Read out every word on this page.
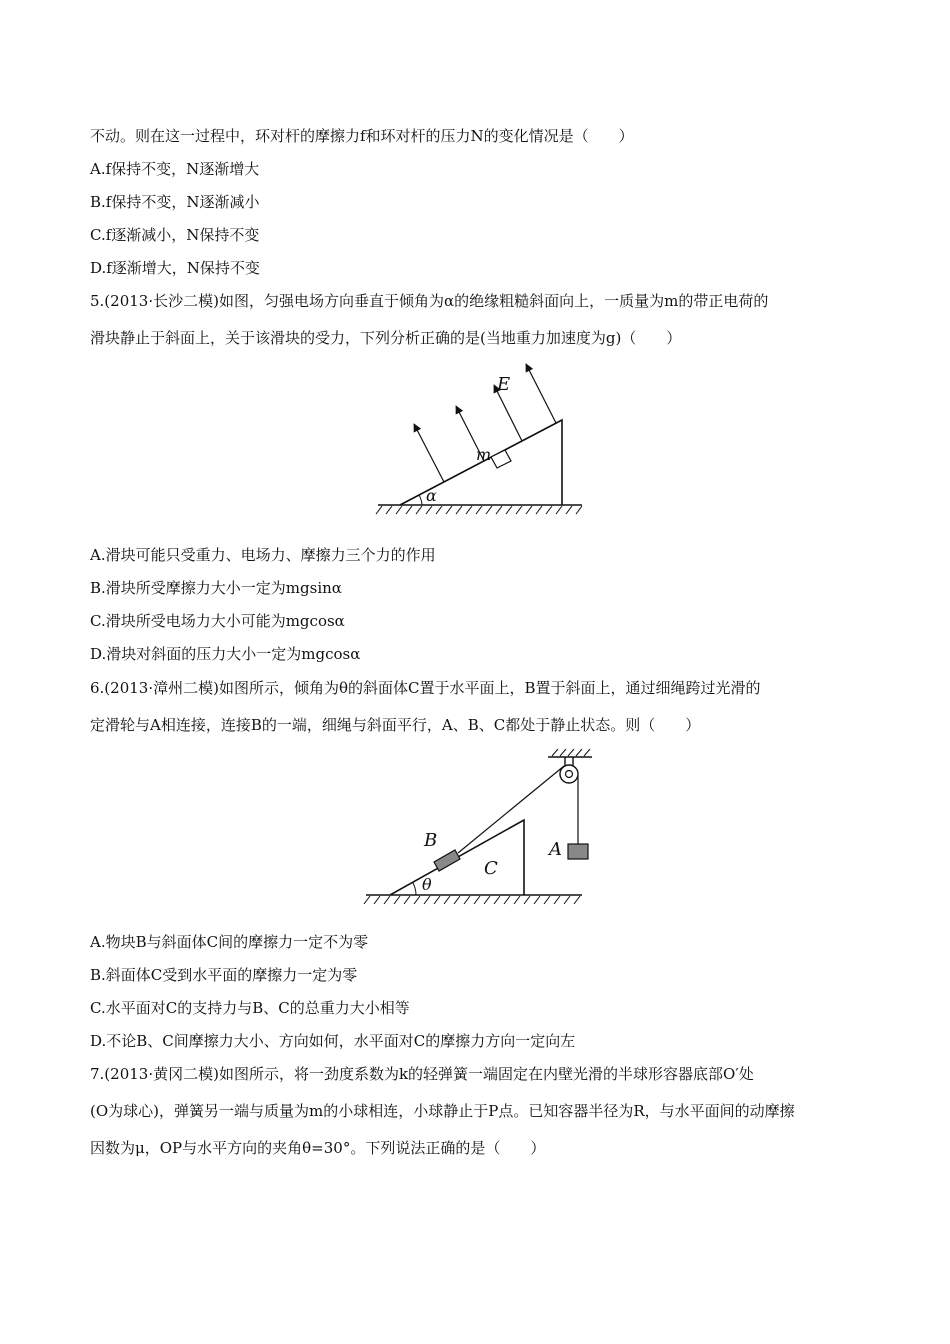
不动。则在这一过程中，环对杆的摩擦力f和环对杆的压力N的变化情况是（　　）
A.f保持不变，N逐渐增大
B.f保持不变，N逐渐减小
C.f逐渐减小，N保持不变
D.f逐渐增大，N保持不变
5.(2013·长沙二模)如图，匀强电场方向垂直于倾角为α的绝缘粗糙斜面向上，一质量为m的带正电荷的
滑块静止于斜面上，关于该滑块的受力，下列分析正确的是(当地重力加速度为g)（　　）
α
m
E
A.滑块可能只受重力、电场力、摩擦力三个力的作用
B.滑块所受摩擦力大小一定为mgsinα
C.滑块所受电场力大小可能为mgcosα
D.滑块对斜面的压力大小一定为mgcosα
6.(2013·漳州二模)如图所示，倾角为θ的斜面体C置于水平面上，B置于斜面上，通过细绳跨过光滑的
定滑轮与A相连接，连接B的一端，细绳与斜面平行，A、B、C都处于静止状态。则（　　）
θ
B
C
A
A.物块B与斜面体C间的摩擦力一定不为零
B.斜面体C受到水平面的摩擦力一定为零
C.水平面对C的支持力与B、C的总重力大小相等
D.不论B、C间摩擦力大小、方向如何，水平面对C的摩擦力方向一定向左
7.(2013·黄冈二模)如图所示，将一劲度系数为k的轻弹簧一端固定在内壁光滑的半球形容器底部O′处
(O为球心)，弹簧另一端与质量为m的小球相连，小球静止于P点。已知容器半径为R，与水平面间的动摩擦
因数为μ，OP与水平方向的夹角θ=30°。下列说法正确的是（　　）
